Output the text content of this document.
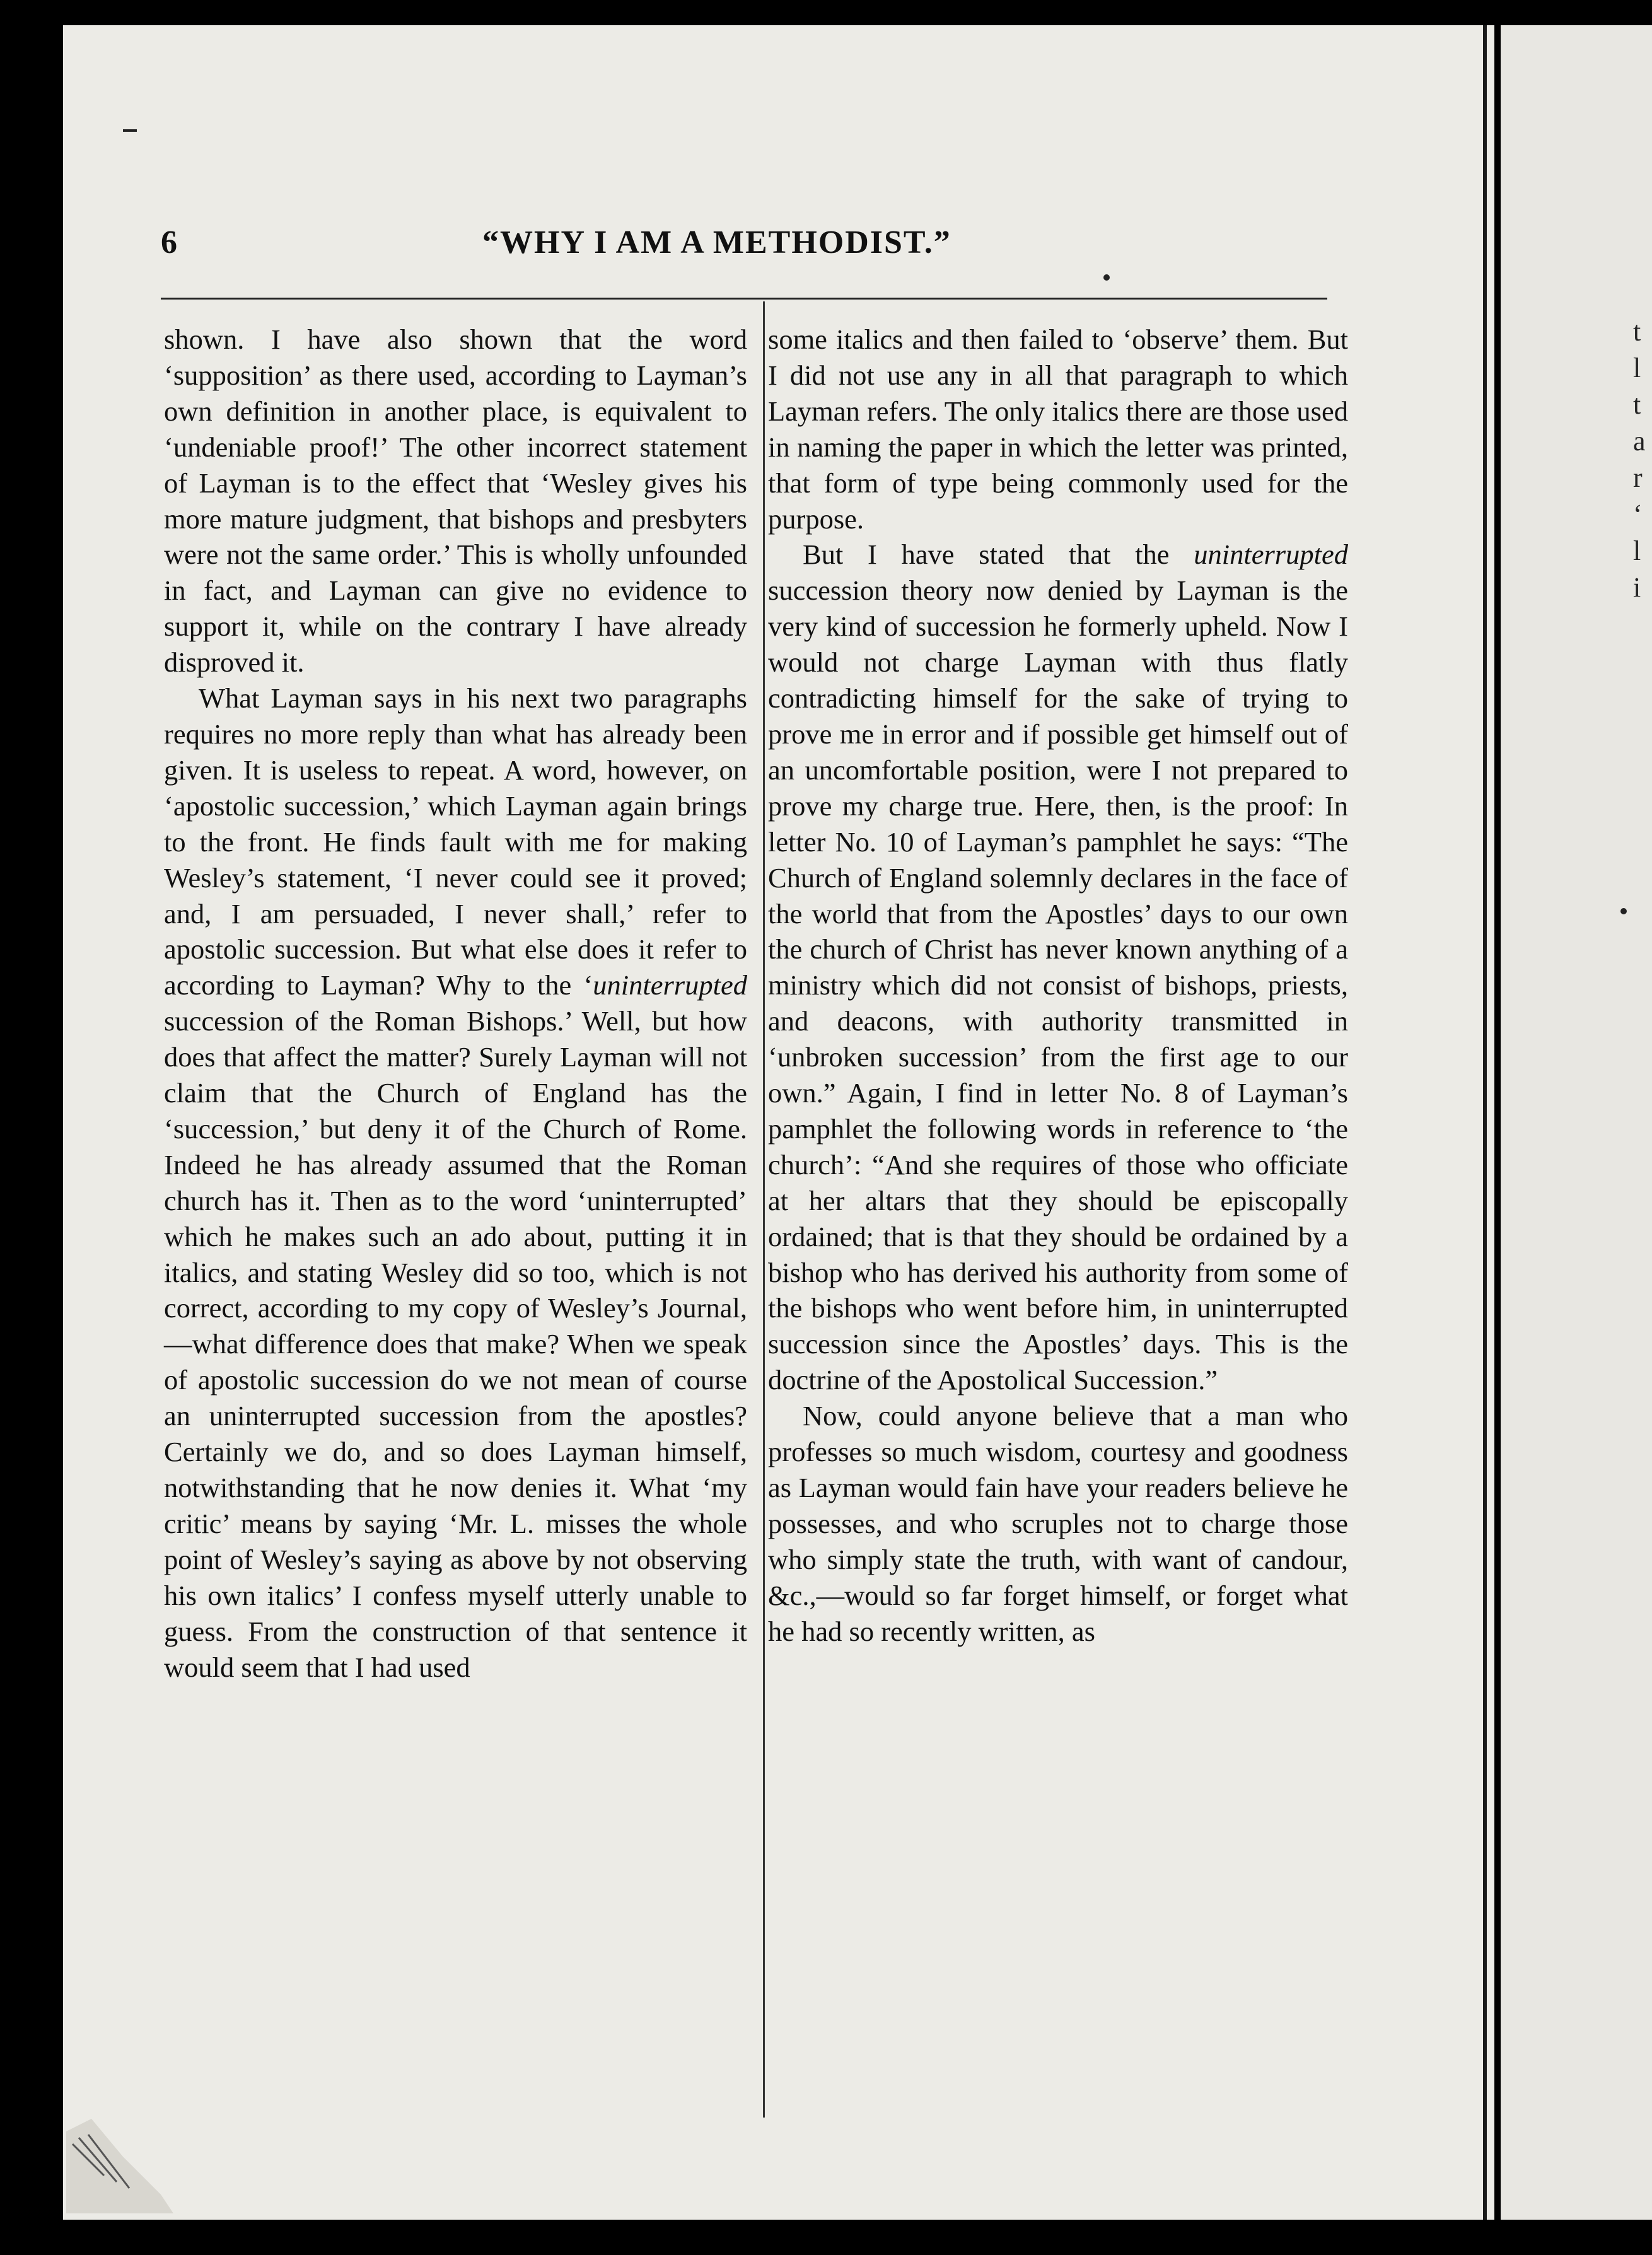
t
l
t
a
r
‘
l
i
6	“WHY I AM A METHODIST.”

shown. I have also shown that the word ‘supposition’ as there used, according to Layman’s own definition in another place, is equivalent to ‘undeniable proof!’ The other incorrect statement of Layman is to the effect that ‘Wesley gives his more mature judgment, that bishops and presbyters were not the same order.’ This is wholly unfounded in fact, and Layman can give no evidence to support it, while on the contrary I have already disproved it.

What Layman says in his next two paragraphs requires no more reply than what has already been given. It is useless to repeat. A word, however, on ‘apostolic succession,’ which Layman again brings to the front. He finds fault with me for making Wesley’s statement, ‘I never could see it proved; and, I am persuaded, I never shall,’ refer to apostolic succession. But what else does it refer to according to Layman? Why to the ‘uninterrupted succession of the Roman Bishops.’ Well, but how does that affect the matter? Surely Layman will not claim that the Church of England has the ‘succession,’ but deny it of the Church of Rome. Indeed he has already assumed that the Roman church has it. Then as to the word ‘uninterrupted’ which he makes such an ado about, putting it in italics, and stating Wesley did so too, which is not correct, according to my copy of Wesley’s Journal,—what difference does that make? When we speak of apostolic succession do we not mean of course an uninterrupted succession from the apostles? Certainly we do, and so does Layman himself, notwithstanding that he now denies it. What ‘my critic’ means by saying ‘Mr. L. misses the whole point of Wesley’s saying as above by not observing his own italics’ I confess myself utterly unable to guess. From the construction of that sentence it would seem that I had used

some italics and then failed to ‘observe’ them. But I did not use any in all that paragraph to which Layman refers. The only italics there are those used in naming the paper in which the letter was printed, that form of type being commonly used for the purpose.

But I have stated that the uninterrupted succession theory now denied by Layman is the very kind of succession he formerly upheld. Now I would not charge Layman with thus flatly contradicting himself for the sake of trying to prove me in error and if possible get himself out of an uncomfortable position, were I not prepared to prove my charge true. Here, then, is the proof: In letter No. 10 of Layman’s pamphlet he says: “The Church of England solemnly declares in the face of the world that from the Apostles’ days to our own the church of Christ has never known anything of a ministry which did not consist of bishops, priests, and deacons, with authority transmitted in ‘unbroken succession’ from the first age to our own.” Again, I find in letter No. 8 of Layman’s pamphlet the following words in reference to ‘the church’: “And she requires of those who officiate at her altars that they should be episcopally ordained; that is that they should be ordained by a bishop who has derived his authority from some of the bishops who went before him, in uninterrupted succession since the Apostles’ days. This is the doctrine of the Apostolical Succession.”

Now, could anyone believe that a man who professes so much wisdom, courtesy and goodness as Layman would fain have your readers believe he possesses, and who scruples not to charge those who simply state the truth, with want of candour, &c.,—would so far forget himself, or forget what he had so recently written, as
